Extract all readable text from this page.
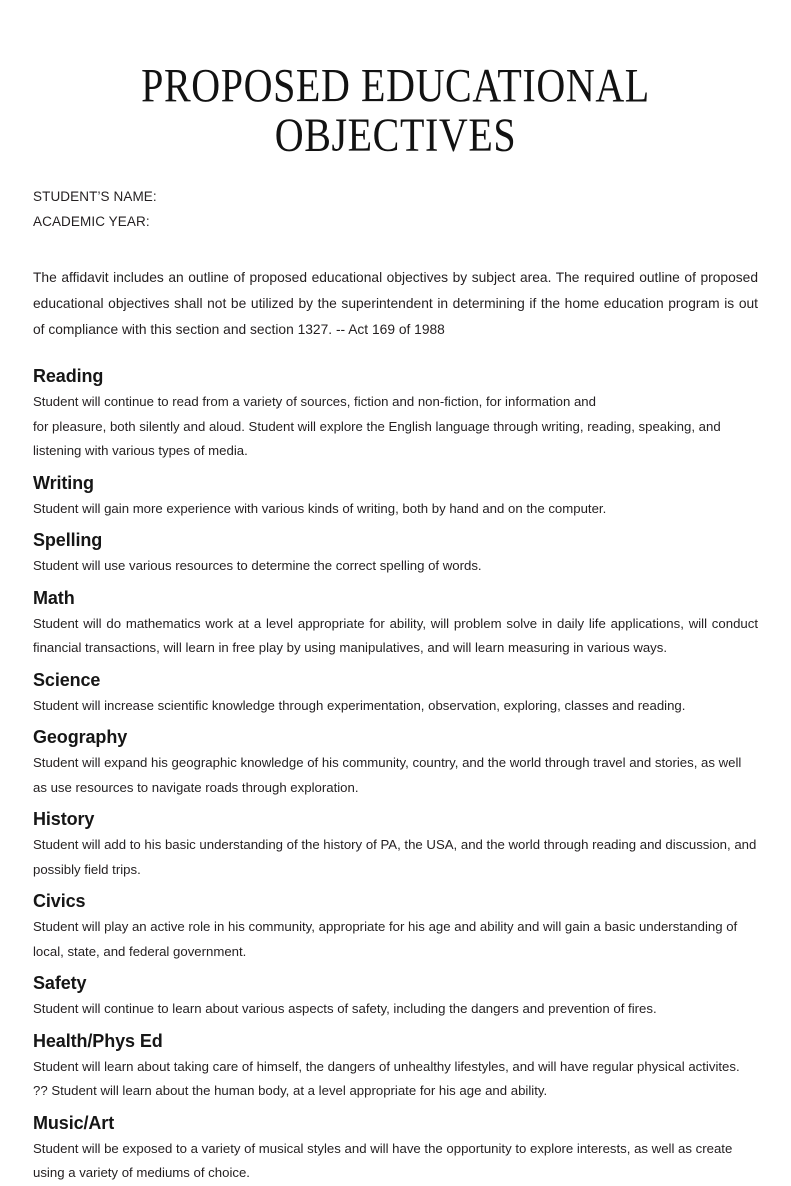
PROPOSED EDUCATIONAL OBJECTIVES
STUDENT’S NAME:
ACADEMIC YEAR:

The affidavit includes an outline of proposed educational objectives by subject area. The required outline of proposed educational objectives shall not be utilized by the superintendent in determining if the home education program is out of compliance with this section and section 1327. -- Act 169 of 1988

Reading

Student will continue to read from a variety of sources, fiction and non-fiction, for information and
for pleasure, both silently and aloud. Student will explore the English language through writing, reading, speaking, and listening with various types of media.

Writing

Student will gain more experience with various kinds of writing, both by hand and on the computer.

Spelling

Student will use various resources to determine the correct spelling of words.

Math

Student will do mathematics work at a level appropriate for ability, will problem solve in daily life applications, will conduct financial transactions, will learn in free play by using manipulatives, and will learn measuring in various ways.

Science

Student will increase scientific knowledge through experimentation, observation, exploring, classes and reading.

Geography

Student will expand his geographic knowledge of his community, country, and the world through travel and stories, as well as use resources to navigate roads through exploration.

History

Student will add to his basic understanding of the history of PA, the USA, and the world through reading and discussion, and possibly field trips.

Civics

Student will play an active role in his community, appropriate for his age and ability and will gain a basic understanding of local, state, and federal government.

Safety

Student will continue to learn about various aspects of safety, including the dangers and prevention of fires.

Health/Phys Ed

Student will learn about taking care of himself, the dangers of unhealthy lifestyles, and will have regular physical activites.
?? Student will learn about the human body, at a level appropriate for his age and ability.

Music/Art

Student will be exposed to a variety of musical styles and will have the opportunity to explore interests, as well as create using a variety of mediums of choice.
